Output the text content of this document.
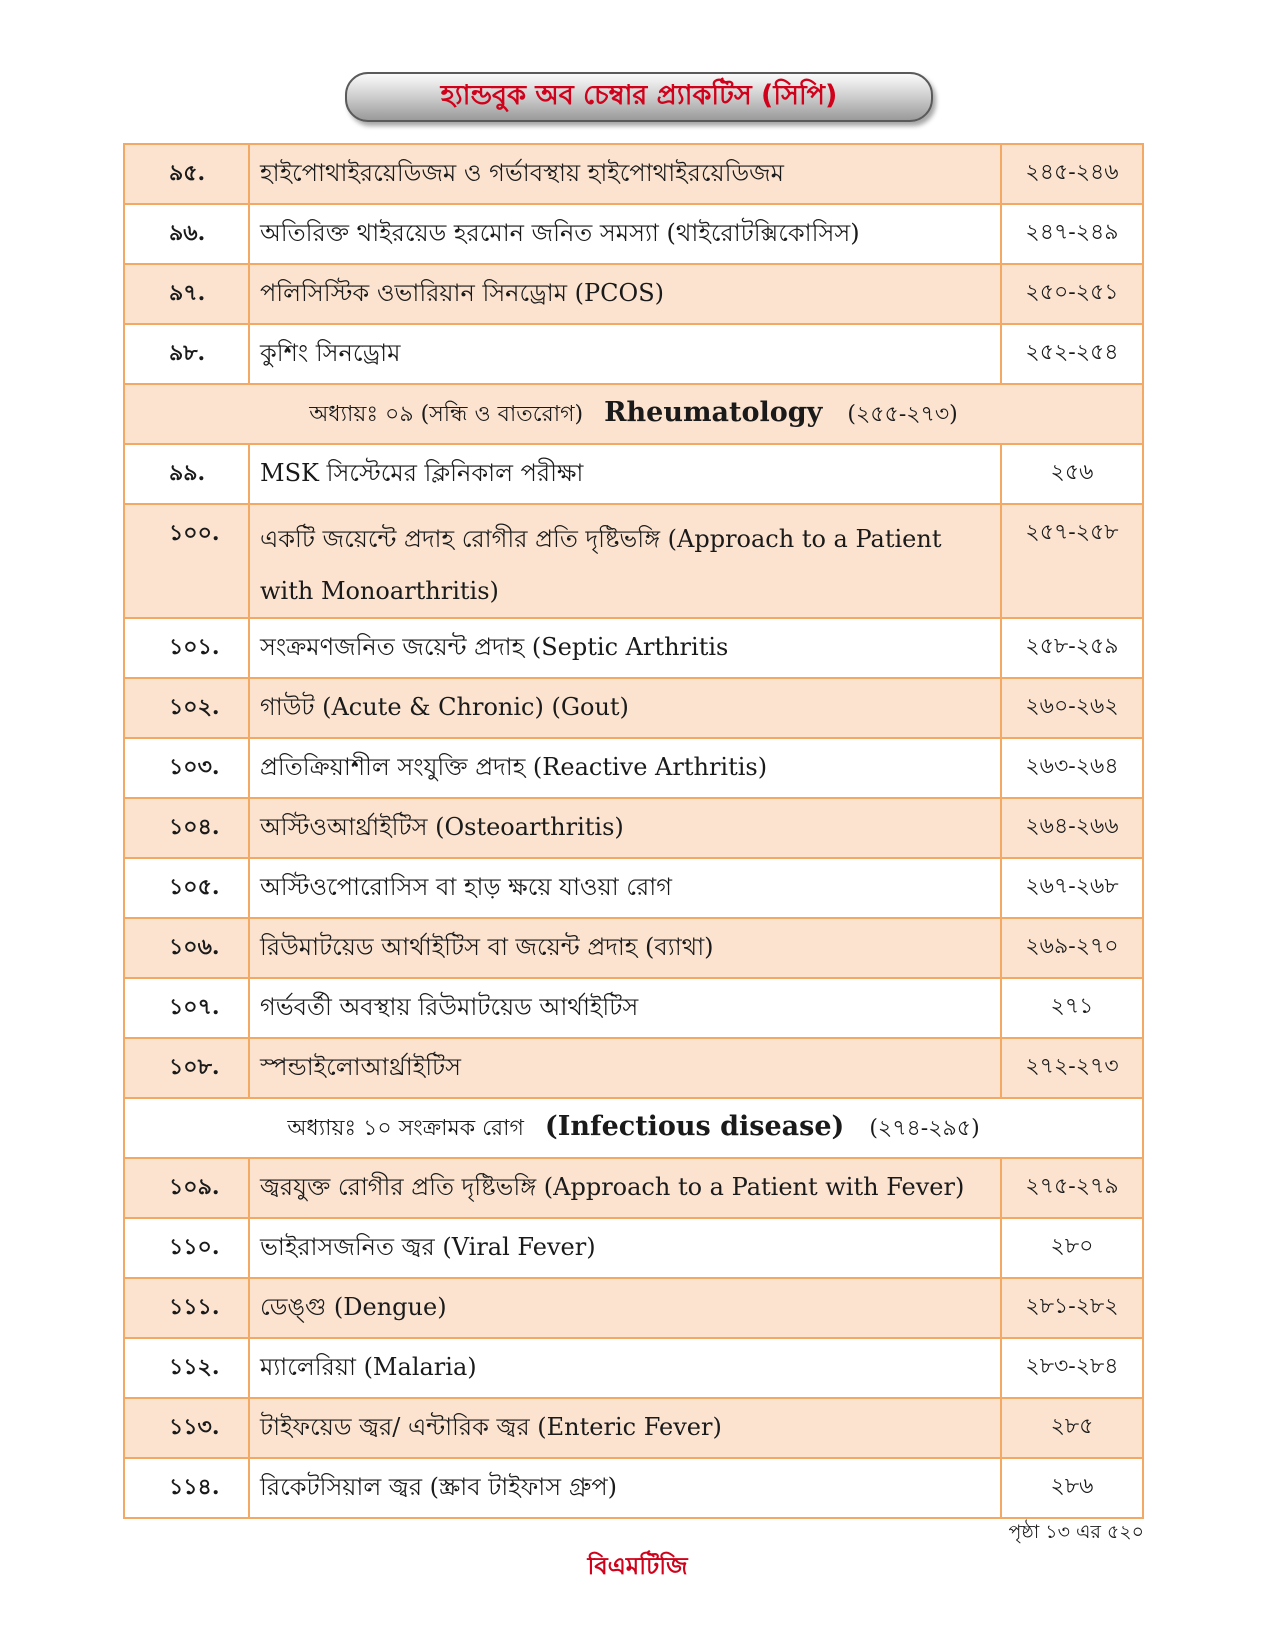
হ্যান্ডবুক অব চেম্বার প্র্যাকটিস (সিপি)
৯৫.	হাইপোথাইরয়েডিজম ও গর্ভাবস্থায় হাইপোথাইরয়েডিজম	২৪৫-২৪৬
৯৬.	অতিরিক্ত থাইরয়েড হরমোন জনিত সমস্যা (থাইরোটক্সিকোসিস)	২৪৭-২৪৯
৯৭.	পলিসিস্টিক ওভারিয়ান সিনড্রোম (PCOS)	২৫০-২৫১
৯৮.	কুশিং সিনড্রোম	২৫২-২৫৪
অধ্যায়ঃ ০৯ (সন্ধি ও বাতরোগ) Rheumatology (২৫৫-২৭৩)		
৯৯.	MSK সিস্টেমের ক্লিনিকাল পরীক্ষা	২৫৬
১০০.	একটি জয়েন্টে প্রদাহ রোগীর প্রতি দৃষ্টিভঙ্গি (Approach to a Patient with Monoarthritis)	২৫৭-২৫৮
১০১.	সংক্রমণজনিত জয়েন্ট প্রদাহ (Septic Arthritis	২৫৮-২৫৯
১০২.	গাউট (Acute & Chronic) (Gout)	২৬০-২৬২
১০৩.	প্রতিক্রিয়াশীল সংযুক্তি প্রদাহ (Reactive Arthritis)	২৬৩-২৬৪
১০৪.	অস্টিওআর্থ্রাইটিস (Osteoarthritis)	২৬৪-২৬৬
১০৫.	অস্টিওপোরোসিস বা হাড় ক্ষয়ে যাওয়া রোগ	২৬৭-২৬৮
১০৬.	রিউমাটয়েড আর্থাইটিস বা জয়েন্ট প্রদাহ (ব্যাথা)	২৬৯-২৭০
১০৭.	গর্ভবর্তী অবস্থায় রিউমাটয়েড আর্থাইটিস	২৭১
১০৮.	স্পন্ডাইলোআর্থ্রাইটিস	২৭২-২৭৩
অধ্যায়ঃ ১০ সংক্রামক রোগ (Infectious disease) (২৭৪-২৯৫)		
১০৯.	জ্বরযুক্ত রোগীর প্রতি দৃষ্টিভঙ্গি (Approach to a Patient with Fever)	২৭৫-২৭৯
১১০.	ভাইরাসজনিত জ্বর (Viral Fever)	২৮০
১১১.	ডেঙ্গু (Dengue)	২৮১-২৮২
১১২.	ম্যালেরিয়া (Malaria)	২৮৩-২৮৪
১১৩.	টাইফয়েড জ্বর/ এন্টারিক জ্বর (Enteric Fever)	২৮৫
১১৪.	রিকেটসিয়াল জ্বর (স্ক্রাব টাইফাস গ্রুপ)	২৮৬
পৃষ্ঠা ১৩ এর ৫২০
বিএমটিজি
